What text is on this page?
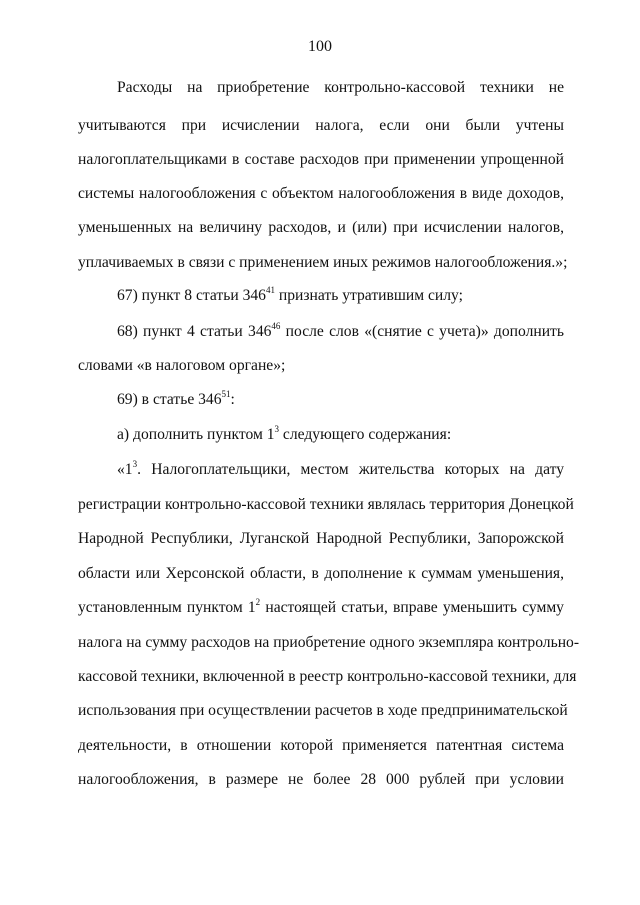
100
Расходы на приобретение контрольно-кассовой техники не
учитываются при исчислении налога, если они были учтены
налогоплательщиками в составе расходов при применении упрощенной
системы налогообложения с объектом налогообложения в виде доходов,
уменьшенных на величину расходов, и (или) при исчислении налогов,
уплачиваемых в связи с применением иных режимов налогообложения.»;
67) пункт 8 статьи $346^{41}$ признать утратившим силу;
68) пункт 4 статьи $346^{46}$ после слов «(снятие с учета)» дополнить
словами «в налоговом органе»;
69) в статье $346^{51}$:
а) дополнить пунктом $1^3$ следующего содержания:
«$1^3$. Налогоплательщики, местом жительства которых на дату
регистрации контрольно-кассовой техники являлась территория Донецкой
Народной Республики, Луганской Народной Республики, Запорожской
области или Херсонской области, в дополнение к суммам уменьшения,
установленным пунктом $1^2$ настоящей статьи, вправе уменьшить сумму
налога на сумму расходов на приобретение одного экземпляра контрольно-
кассовой техники, включенной в реестр контрольно-кассовой техники, для
использования при осуществлении расчетов в ходе предпринимательской
деятельности, в отношении которой применяется патентная система
налогообложения, в размере не более 28 000 рублей при условии
